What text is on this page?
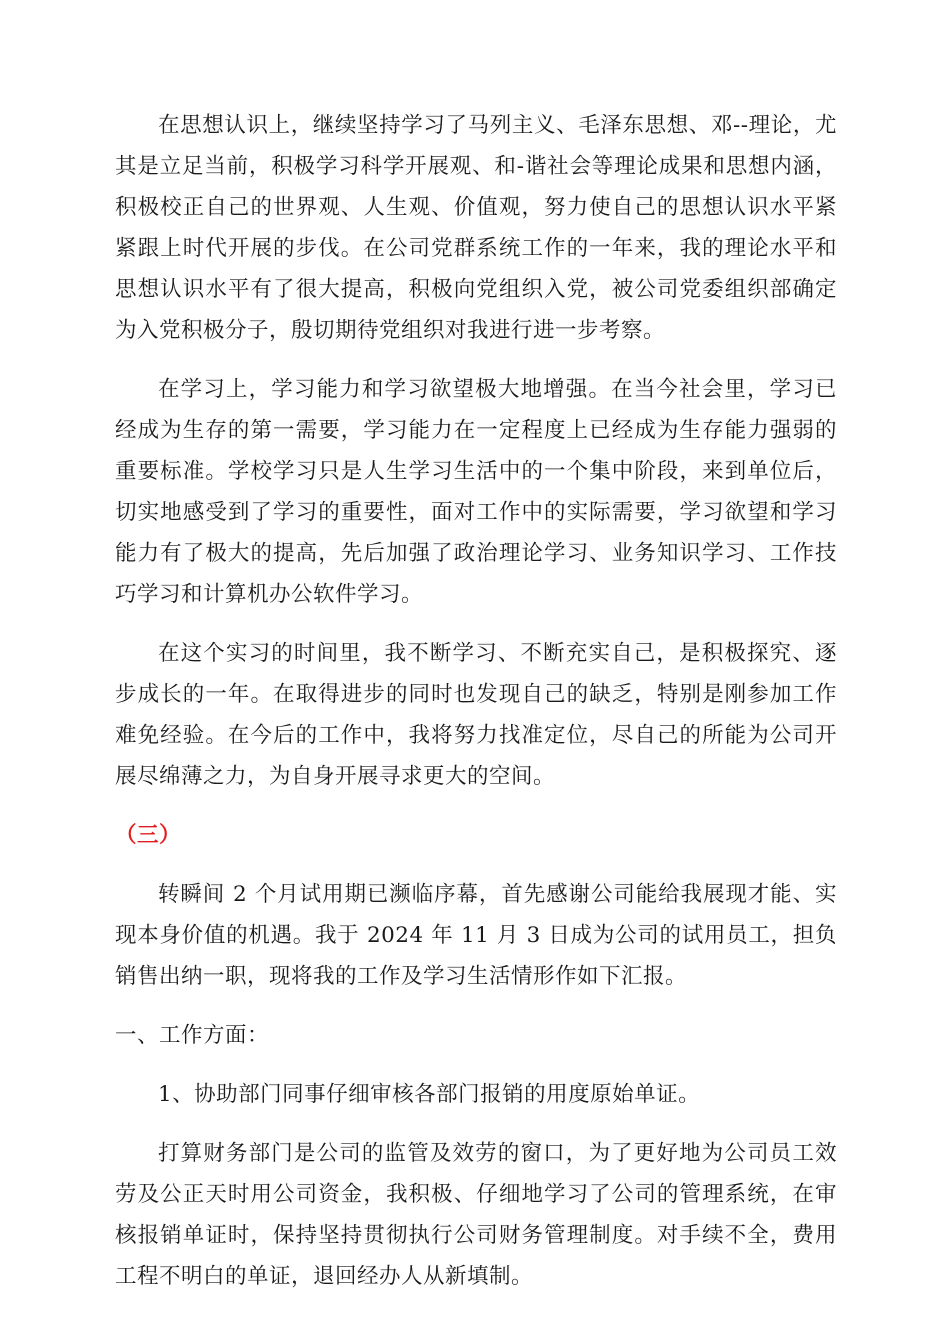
在思想认识上，继续坚持学习了马列主义、毛泽东思想、邓--理论，尤其是立足当前，积极学习科学开展观、和-谐社会等理论成果和思想内涵，积极校正自己的世界观、人生观、价值观，努力使自己的思想认识水平紧紧跟上时代开展的步伐。在公司党群系统工作的一年来，我的理论水平和思想认识水平有了很大提高，积极向党组织入党，被公司党委组织部确定为入党积极分子，殷切期待党组织对我进行进一步考察。

在学习上，学习能力和学习欲望极大地增强。在当今社会里，学习已经成为生存的第一需要，学习能力在一定程度上已经成为生存能力强弱的重要标准。学校学习只是人生学习生活中的一个集中阶段，来到单位后，切实地感受到了学习的重要性，面对工作中的实际需要，学习欲望和学习能力有了极大的提高，先后加强了政治理论学习、业务知识学习、工作技巧学习和计算机办公软件学习。

在这个实习的时间里，我不断学习、不断充实自己，是积极探究、逐步成长的一年。在取得进步的同时也发现自己的缺乏，特别是刚参加工作难免经验。在今后的工作中，我将努力找准定位，尽自己的所能为公司开展尽绵薄之力，为自身开展寻求更大的空间。

（三）

转瞬间 2 个月试用期已濒临序幕，首先感谢公司能给我展现才能、实现本身价值的机遇。我于 2024 年 11 月 3 日成为公司的试用员工，担负销售出纳一职，现将我的工作及学习生活情形作如下汇报。

一、工作方面：

1、协助部门同事仔细审核各部门报销的用度原始单证。

打算财务部门是公司的监管及效劳的窗口，为了更好地为公司员工效劳及公正天时用公司资金，我积极、仔细地学习了公司的管理系统，在审核报销单证时，保持坚持贯彻执行公司财务管理制度。对手续不全，费用工程不明白的单证，退回经办人从新填制。
